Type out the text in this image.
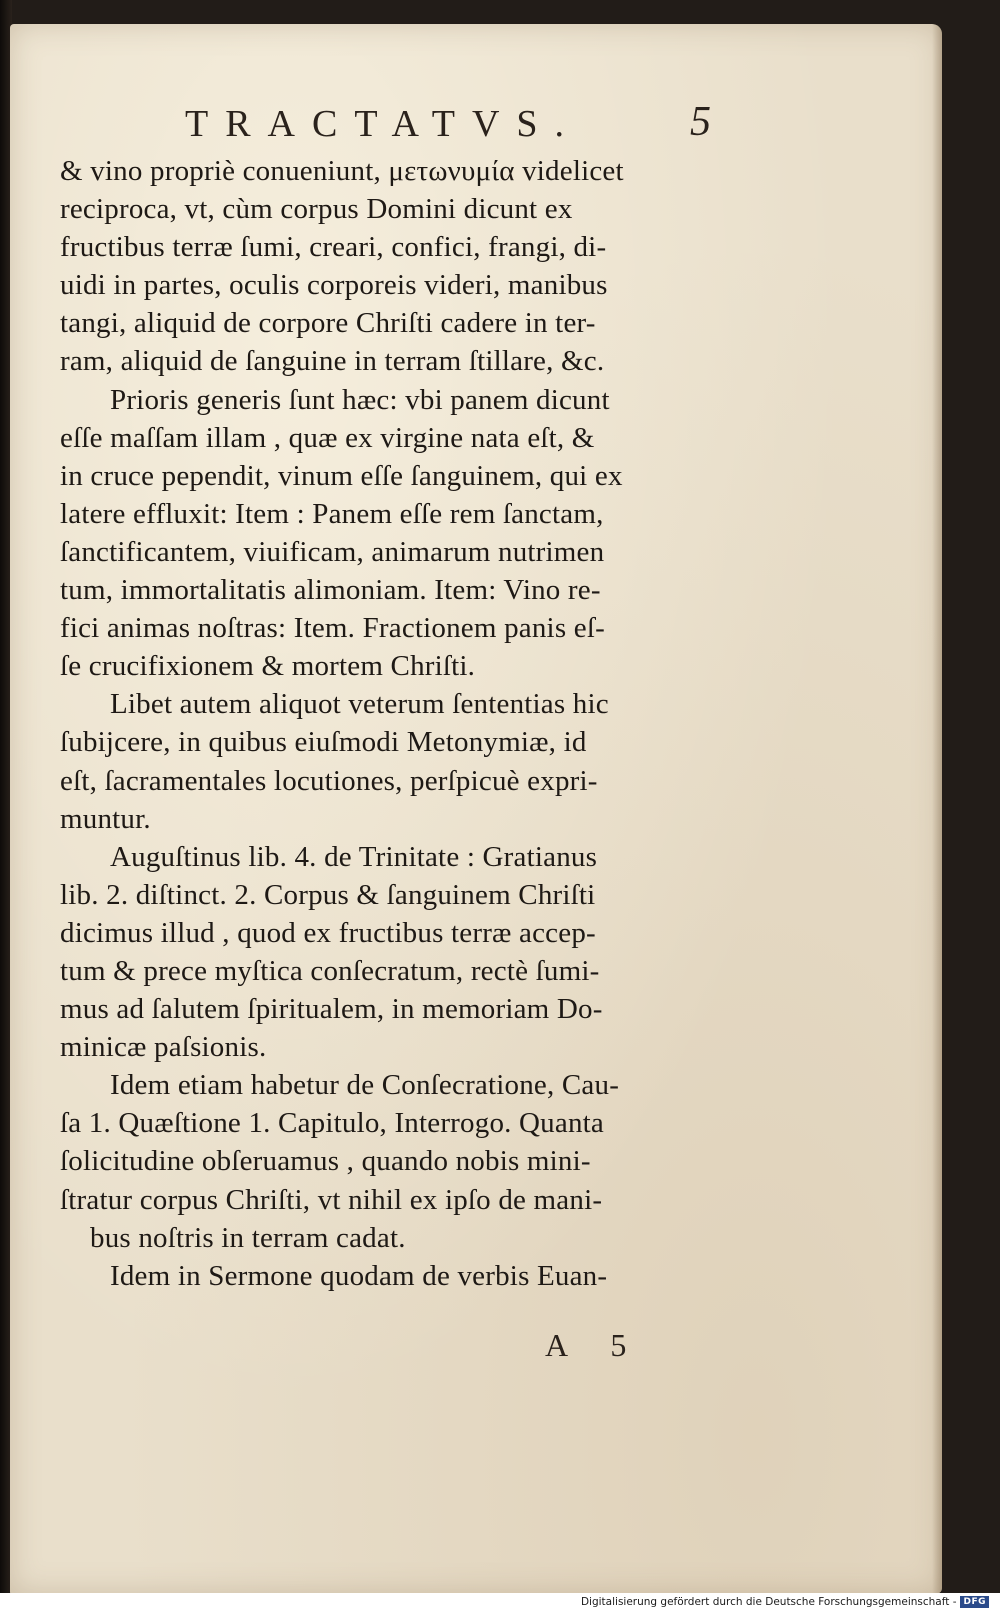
TRACTATVS.	5
& vino propriè conueniunt, μετωνυμία videlicet
reciproca, vt, cùm corpus Domini dicunt ex
fructibus terræ ſumi, creari, confici, frangi, di-
uidi in partes, oculis corporeis videri, manibus
tangi, aliquid de corpore Chriſti cadere in ter-
ram, aliquid de ſanguine in terram ſtillare, &c.
Prioris generis ſunt hæc: vbi panem dicunt
eſſe maſſam illam , quæ ex virgine nata eſt, &
in cruce pependit, vinum eſſe ſanguinem, qui ex
latere effluxit: Item : Panem eſſe rem ſanctam,
ſanctificantem, viuificam, animarum nutrimen
tum, immortalitatis alimoniam. Item: Vino re-
fici animas noſtras: Item. Fractionem panis eſ-
ſe crucifixionem & mortem Chriſti.
Libet autem aliquot veterum ſententias hic
ſubijcere, in quibus eiuſmodi Metonymiæ, id
eſt, ſacramentales locutiones, perſpicuè expri-
muntur.
Auguſtinus lib. 4. de Trinitate : Gratianus
lib. 2. diſtinct. 2. Corpus & ſanguinem Chriſti
dicimus illud , quod ex fructibus terræ accep-
tum & prece myſtica conſecratum, rectè ſumi-
mus ad ſalutem ſpiritualem, in memoriam Do-
minicæ paſsionis.
Idem etiam habetur de Conſecratione, Cau-
ſa 1. Quæſtione 1. Capitulo, Interrogo. Quanta
ſolicitudine obſeruamus , quando nobis mini-
ſtratur corpus Chriſti, vt nihil ex ipſo de mani-
bus noſtris in terram cadat.
Idem in Sermone quodam de verbis Euan-
A 5
Digitalisierung gefördert durch die Deutsche Forschungsgemeinschaft - DFG
